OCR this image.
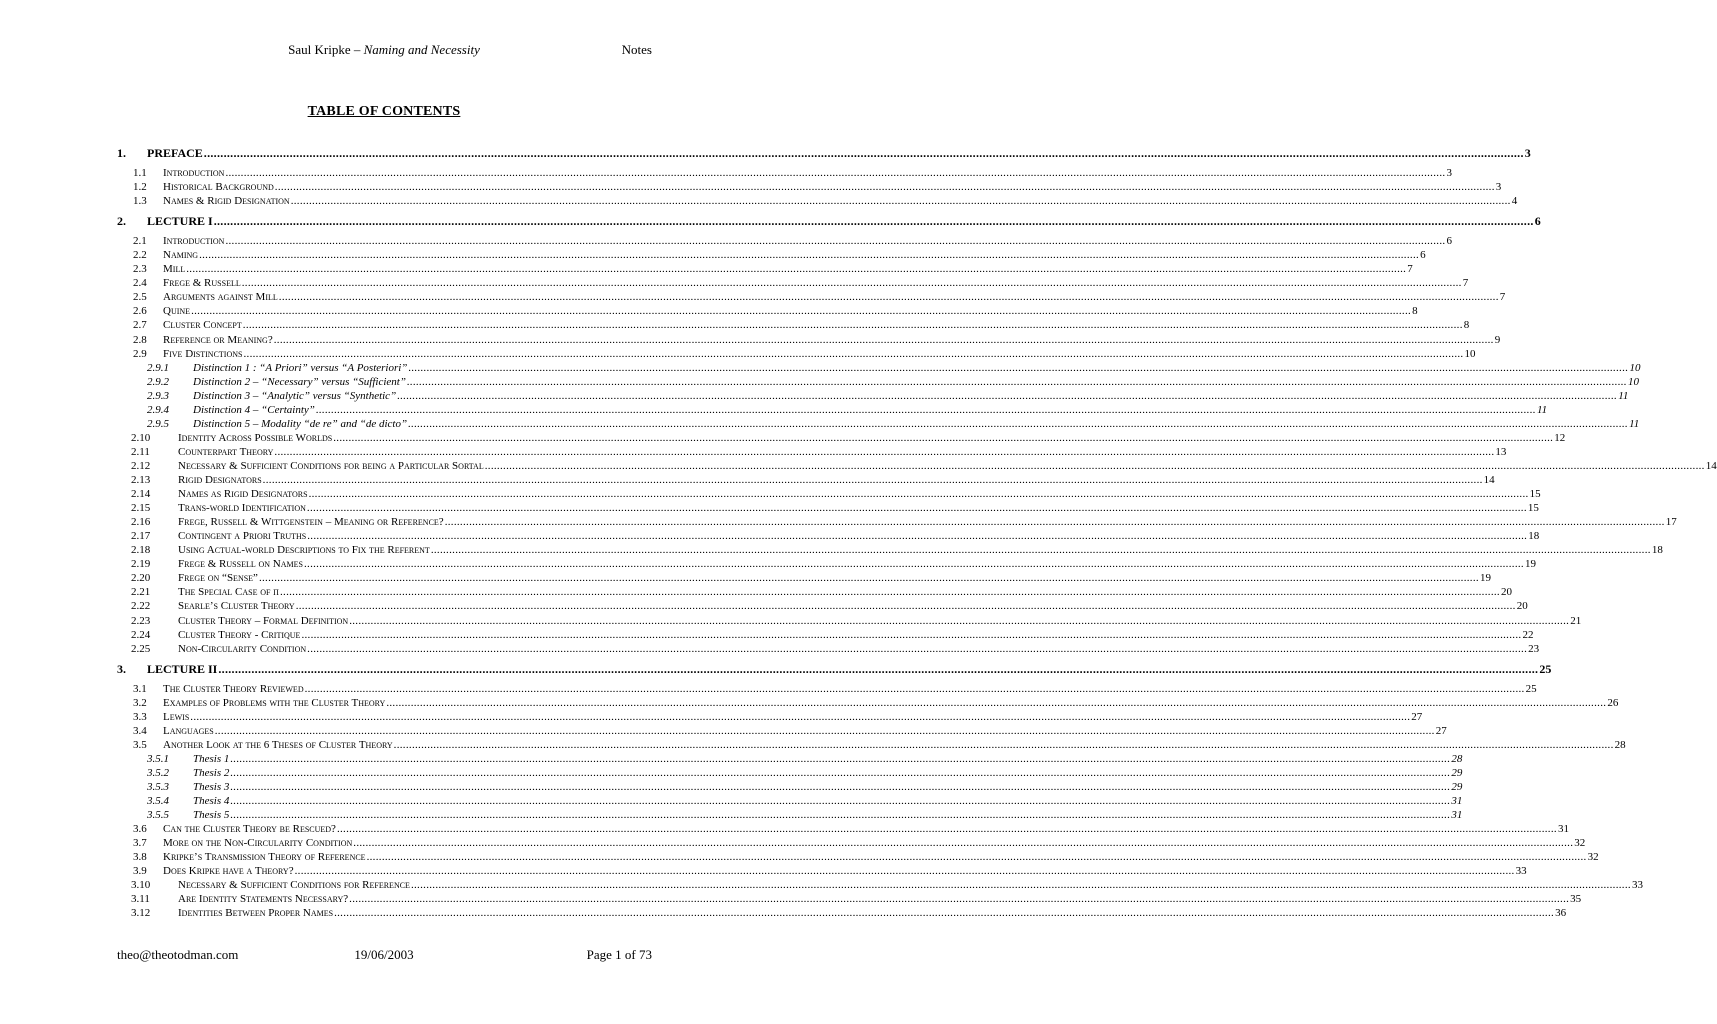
Saul Kripke – Naming and Necessity	Notes
TABLE OF CONTENTS
1. PREFACE ................................................................................................................................................................................................................................................................................................................................................................................................................ 3
1.1 Introduction ................................................................................................................................................................................................................................................................................................................................................................................................................ 3
1.2 Historical Background ................................................................................................................................................................................................................................................................................................................................................................................................................ 3
1.3 Names & Rigid Designation ................................................................................................................................................................................................................................................................................................................................................................................................................ 4
2. LECTURE I ................................................................................................................................................................................................................................................................................................................................................................................................................ 6
2.1 Introduction ................................................................................................................................................................................................................................................................................................................................................................................................................ 6
2.2 Naming ................................................................................................................................................................................................................................................................................................................................................................................................................ 6
2.3 Mill ................................................................................................................................................................................................................................................................................................................................................................................................................ 7
2.4 Frege & Russell ................................................................................................................................................................................................................................................................................................................................................................................................................ 7
2.5 Arguments against Mill ................................................................................................................................................................................................................................................................................................................................................................................................................ 7
2.6 Quine ................................................................................................................................................................................................................................................................................................................................................................................................................ 8
2.7 Cluster Concept ................................................................................................................................................................................................................................................................................................................................................................................................................ 8
2.8 Reference or Meaning? ................................................................................................................................................................................................................................................................................................................................................................................................................ 9
2.9 Five Distinctions ................................................................................................................................................................................................................................................................................................................................................................................................................ 10
2.9.1 Distinction 1 : “A Priori” versus “A Posteriori” ................................................................................................................................................................................................................................................................................................................................................................................................................ 10
2.9.2 Distinction 2 – “Necessary” versus “Sufficient” ................................................................................................................................................................................................................................................................................................................................................................................................................ 10
2.9.3 Distinction 3 – “Analytic” versus “Synthetic” ................................................................................................................................................................................................................................................................................................................................................................................................................ 11
2.9.4 Distinction 4 – “Certainty” ................................................................................................................................................................................................................................................................................................................................................................................................................ 11
2.9.5 Distinction 5 – Modality “de re” and “de dicto” ................................................................................................................................................................................................................................................................................................................................................................................................................ 11
2.10	Identity Across Possible Worlds ................................................................................................................................................................................................................................................................................................................................................................................................................ 12
2.11	Counterpart Theory ................................................................................................................................................................................................................................................................................................................................................................................................................ 13
2.12	Necessary & Sufficient Conditions for being a Particular Sortal ................................................................................................................................................................................................................................................................................................................................................................................................................ 14
2.13	Rigid Designators ................................................................................................................................................................................................................................................................................................................................................................................................................ 14
2.14	Names as Rigid Designators ................................................................................................................................................................................................................................................................................................................................................................................................................ 15
2.15	Trans-world Identification ................................................................................................................................................................................................................................................................................................................................................................................................................ 15
2.16	Frege, Russell & Wittgenstein – Meaning or Reference? ................................................................................................................................................................................................................................................................................................................................................................................................................ 17
2.17	Contingent a Priori Truths ................................................................................................................................................................................................................................................................................................................................................................................................................ 18
2.18	Using Actual-world Descriptions to Fix the Referent ................................................................................................................................................................................................................................................................................................................................................................................................................ 18
2.19	Frege & Russell on Names ................................................................................................................................................................................................................................................................................................................................................................................................................ 19
2.20	Frege on “Sense” ................................................................................................................................................................................................................................................................................................................................................................................................................ 19
2.21	The Special Case of π ................................................................................................................................................................................................................................................................................................................................................................................................................ 20
2.22	Searle’s Cluster Theory ................................................................................................................................................................................................................................................................................................................................................................................................................ 20
2.23	Cluster Theory – Formal Definition ................................................................................................................................................................................................................................................................................................................................................................................................................ 21
2.24	Cluster Theory - Critique ................................................................................................................................................................................................................................................................................................................................................................................................................ 22
2.25	Non-Circularity Condition ................................................................................................................................................................................................................................................................................................................................................................................................................ 23
3. LECTURE II ................................................................................................................................................................................................................................................................................................................................................................................................................ 25
3.1 The Cluster Theory Reviewed ................................................................................................................................................................................................................................................................................................................................................................................................................ 25
3.2 Examples of Problems with the Cluster Theory ................................................................................................................................................................................................................................................................................................................................................................................................................ 26
3.3 Lewis ................................................................................................................................................................................................................................................................................................................................................................................................................ 27
3.4 Languages ................................................................................................................................................................................................................................................................................................................................................................................................................ 27
3.5 Another Look at the 6 Theses of Cluster Theory ................................................................................................................................................................................................................................................................................................................................................................................................................ 28
3.5.1 Thesis 1 ................................................................................................................................................................................................................................................................................................................................................................................................................ 28
3.5.2 Thesis 2 ................................................................................................................................................................................................................................................................................................................................................................................................................ 29
3.5.3 Thesis 3 ................................................................................................................................................................................................................................................................................................................................................................................................................ 29
3.5.4 Thesis 4 ................................................................................................................................................................................................................................................................................................................................................................................................................ 31
3.5.5 Thesis 5 ................................................................................................................................................................................................................................................................................................................................................................................................................ 31
3.6 Can the Cluster Theory be Rescued? ................................................................................................................................................................................................................................................................................................................................................................................................................ 31
3.7 More on the Non-Circularity Condition ................................................................................................................................................................................................................................................................................................................................................................................................................ 32
3.8 Kripke’s Transmission Theory of Reference ................................................................................................................................................................................................................................................................................................................................................................................................................ 32
3.9 Does Kripke have a Theory? ................................................................................................................................................................................................................................................................................................................................................................................................................ 33
3.10	Necessary & Sufficient Conditions for Reference ................................................................................................................................................................................................................................................................................................................................................................................................................ 33
3.11	Are Identity Statements Necessary? ................................................................................................................................................................................................................................................................................................................................................................................................................ 35
3.12	Identities Between Proper Names ................................................................................................................................................................................................................................................................................................................................................................................................................ 36
theo@theotodman.com	19/06/2003	Page 1 of 73
